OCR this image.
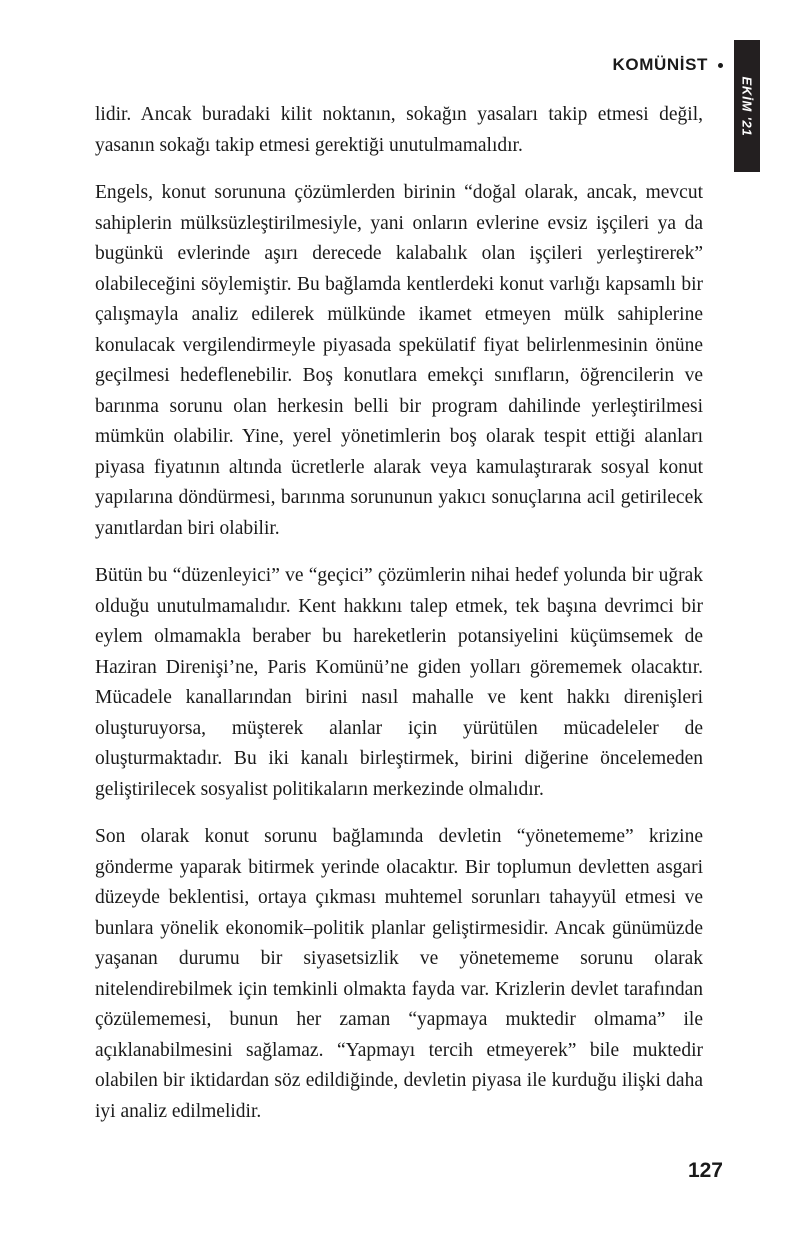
KOMÜNİST
EKİM '21

lidir. Ancak buradaki kilit noktanın, sokağın yasaları takip etmesi değil, yasanın sokağı takip etmesi gerektiği unutulmamalıdır.

Engels, konut sorununa çözümlerden birinin “doğal olarak, ancak, mevcut sahiplerin mülksüzleştirilmesiyle, yani onların evlerine evsiz işçileri ya da bugünkü evlerinde aşırı derecede kalabalık olan işçileri yerleştirerek” olabileceğini söylemiştir. Bu bağlamda kentlerdeki konut varlığı kapsamlı bir çalışmayla analiz edilerek mülkünde ikamet etmeyen mülk sahiplerine konulacak vergilendirmeyle piyasada spekülatif fiyat belirlenmesinin önüne geçilmesi hedeflenebilir. Boş konutlara emekçi sınıfların, öğrencilerin ve barınma sorunu olan herkesin belli bir program dahilinde yerleştirilmesi mümkün olabilir. Yine, yerel yönetimlerin boş olarak tespit ettiği alanları piyasa fiyatının altında ücretlerle alarak veya kamulaştırarak sosyal konut yapılarına döndürmesi, barınma sorununun yakıcı sonuçlarına acil getirilecek yanıtlardan biri olabilir.

Bütün bu “düzenleyici” ve “geçici” çözümlerin nihai hedef yolunda bir uğrak olduğu unutulmamalıdır. Kent hakkını talep etmek, tek başına devrimci bir eylem olmamakla beraber bu hareketlerin potansiyelini küçümsemek de Haziran Direnişi’ne, Paris Komünü’ne giden yolları görememek olacaktır. Mücadele kanallarından birini nasıl mahalle ve kent hakkı direnişleri oluşturuyorsa, müşterek alanlar için yürütülen mücadeleler de oluşturmaktadır. Bu iki kanalı birleştirmek, birini diğerine öncelemeden geliştirilecek sosyalist politikaların merkezinde olmalıdır.

Son olarak konut sorunu bağlamında devletin “yönetememe” krizine gönderme yaparak bitirmek yerinde olacaktır. Bir toplumun devletten asgari düzeyde beklentisi, ortaya çıkması muhtemel sorunları tahayyül etmesi ve bunlara yönelik ekonomik–politik planlar geliştirmesidir. Ancak günümüzde yaşanan durumu bir siyasetsizlik ve yönetememe sorunu olarak nitelendirebilmek için temkinli olmakta fayda var. Krizlerin devlet tarafından çözülememesi, bunun her zaman “yapmaya muktedir olmama” ile açıklanabilmesini sağlamaz. “Yapmayı tercih etmeyerek” bile muktedir olabilen bir iktidardan söz edildiğinde, devletin piyasa ile kurduğu ilişki daha iyi analiz edilmelidir.

127
